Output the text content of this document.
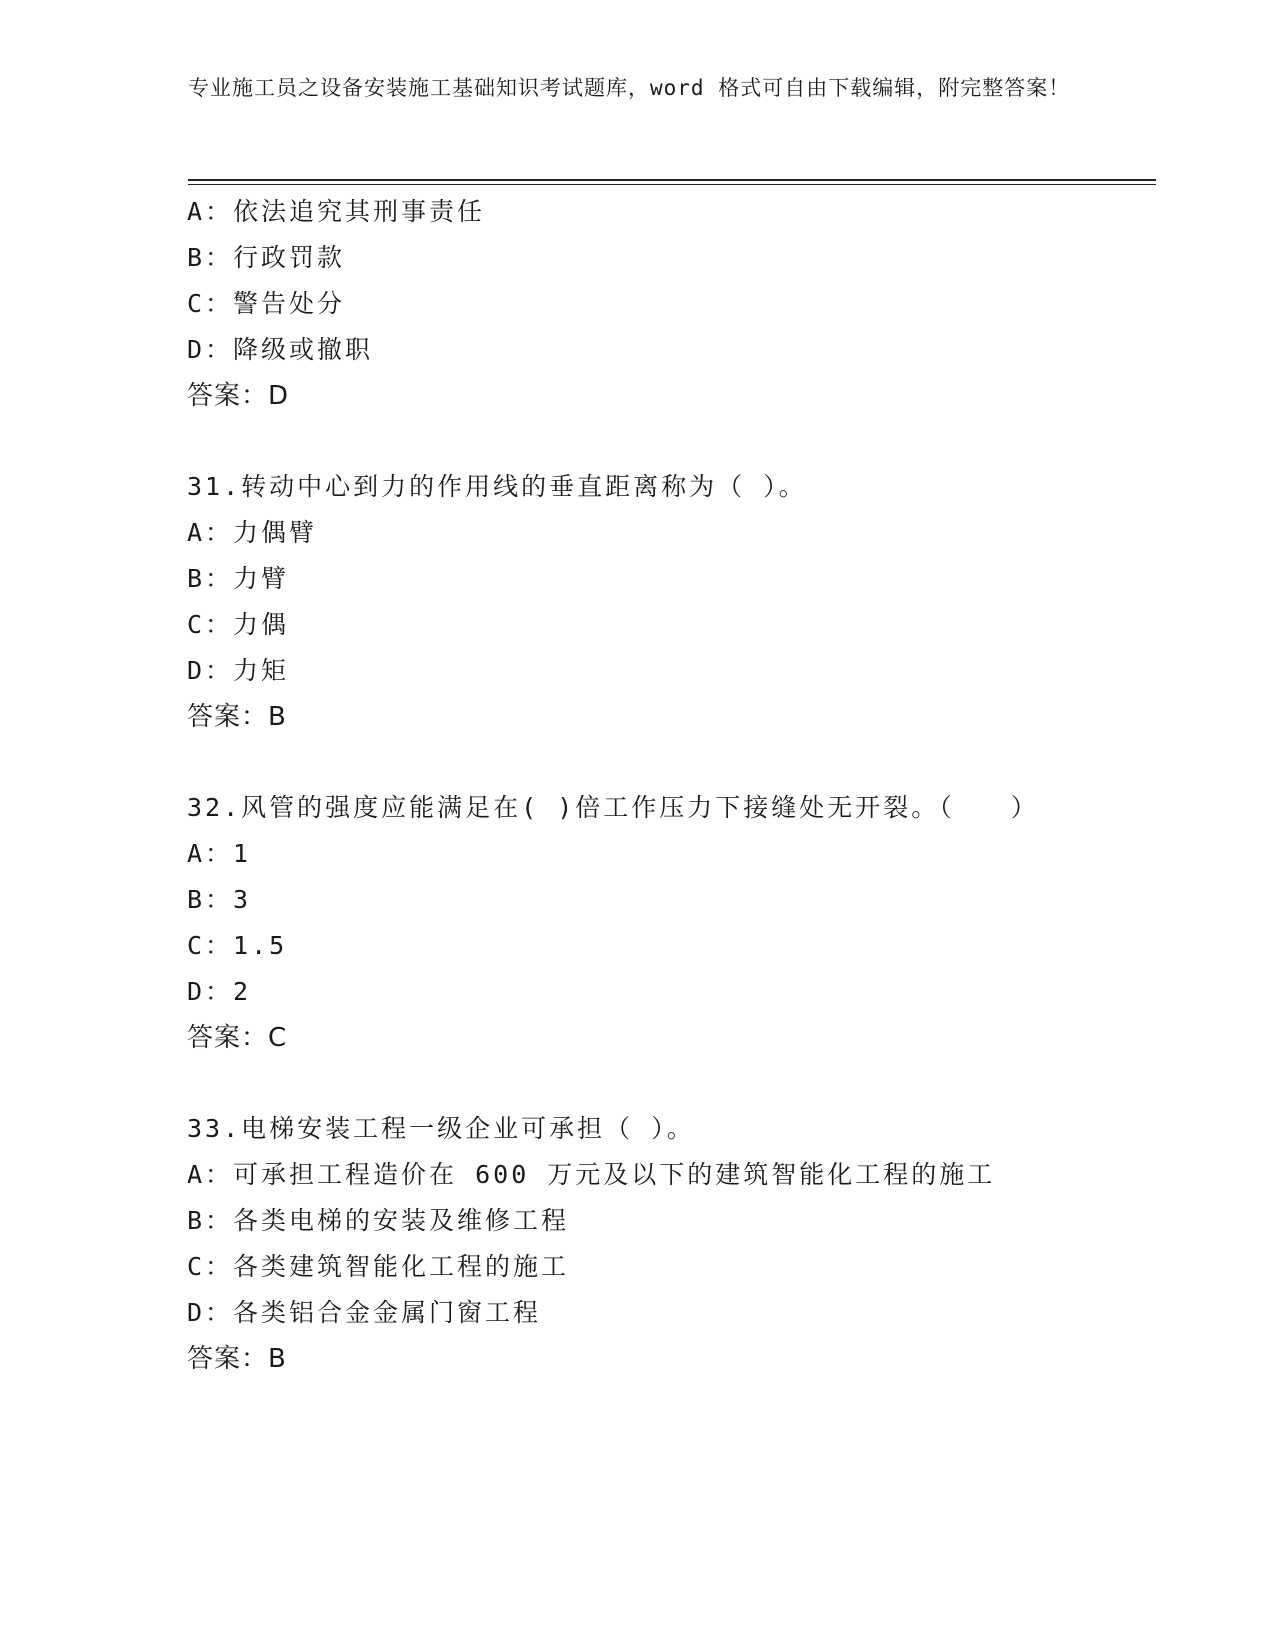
专业施工员之设备安装施工基础知识考试题库，word 格式可自由下载编辑，附完整答案！
A：依法追究其刑事责任
B：行政罚款
C：警告处分
D：降级或撤职
答案：D
31.转动中心到力的作用线的垂直距离称为（ ）。
A：力偶臂
B：力臂
C：力偶
D：力矩
答案：B
32.风管的强度应能满足在( )倍工作压力下接缝处无开裂。（　　）
A：1
B：3
C：1.5
D：2
答案：C
33.电梯安装工程一级企业可承担（ ）。
A：可承担工程造价在 600 万元及以下的建筑智能化工程的施工
B：各类电梯的安装及维修工程
C：各类建筑智能化工程的施工
D：各类铝合金金属门窗工程
答案：B
